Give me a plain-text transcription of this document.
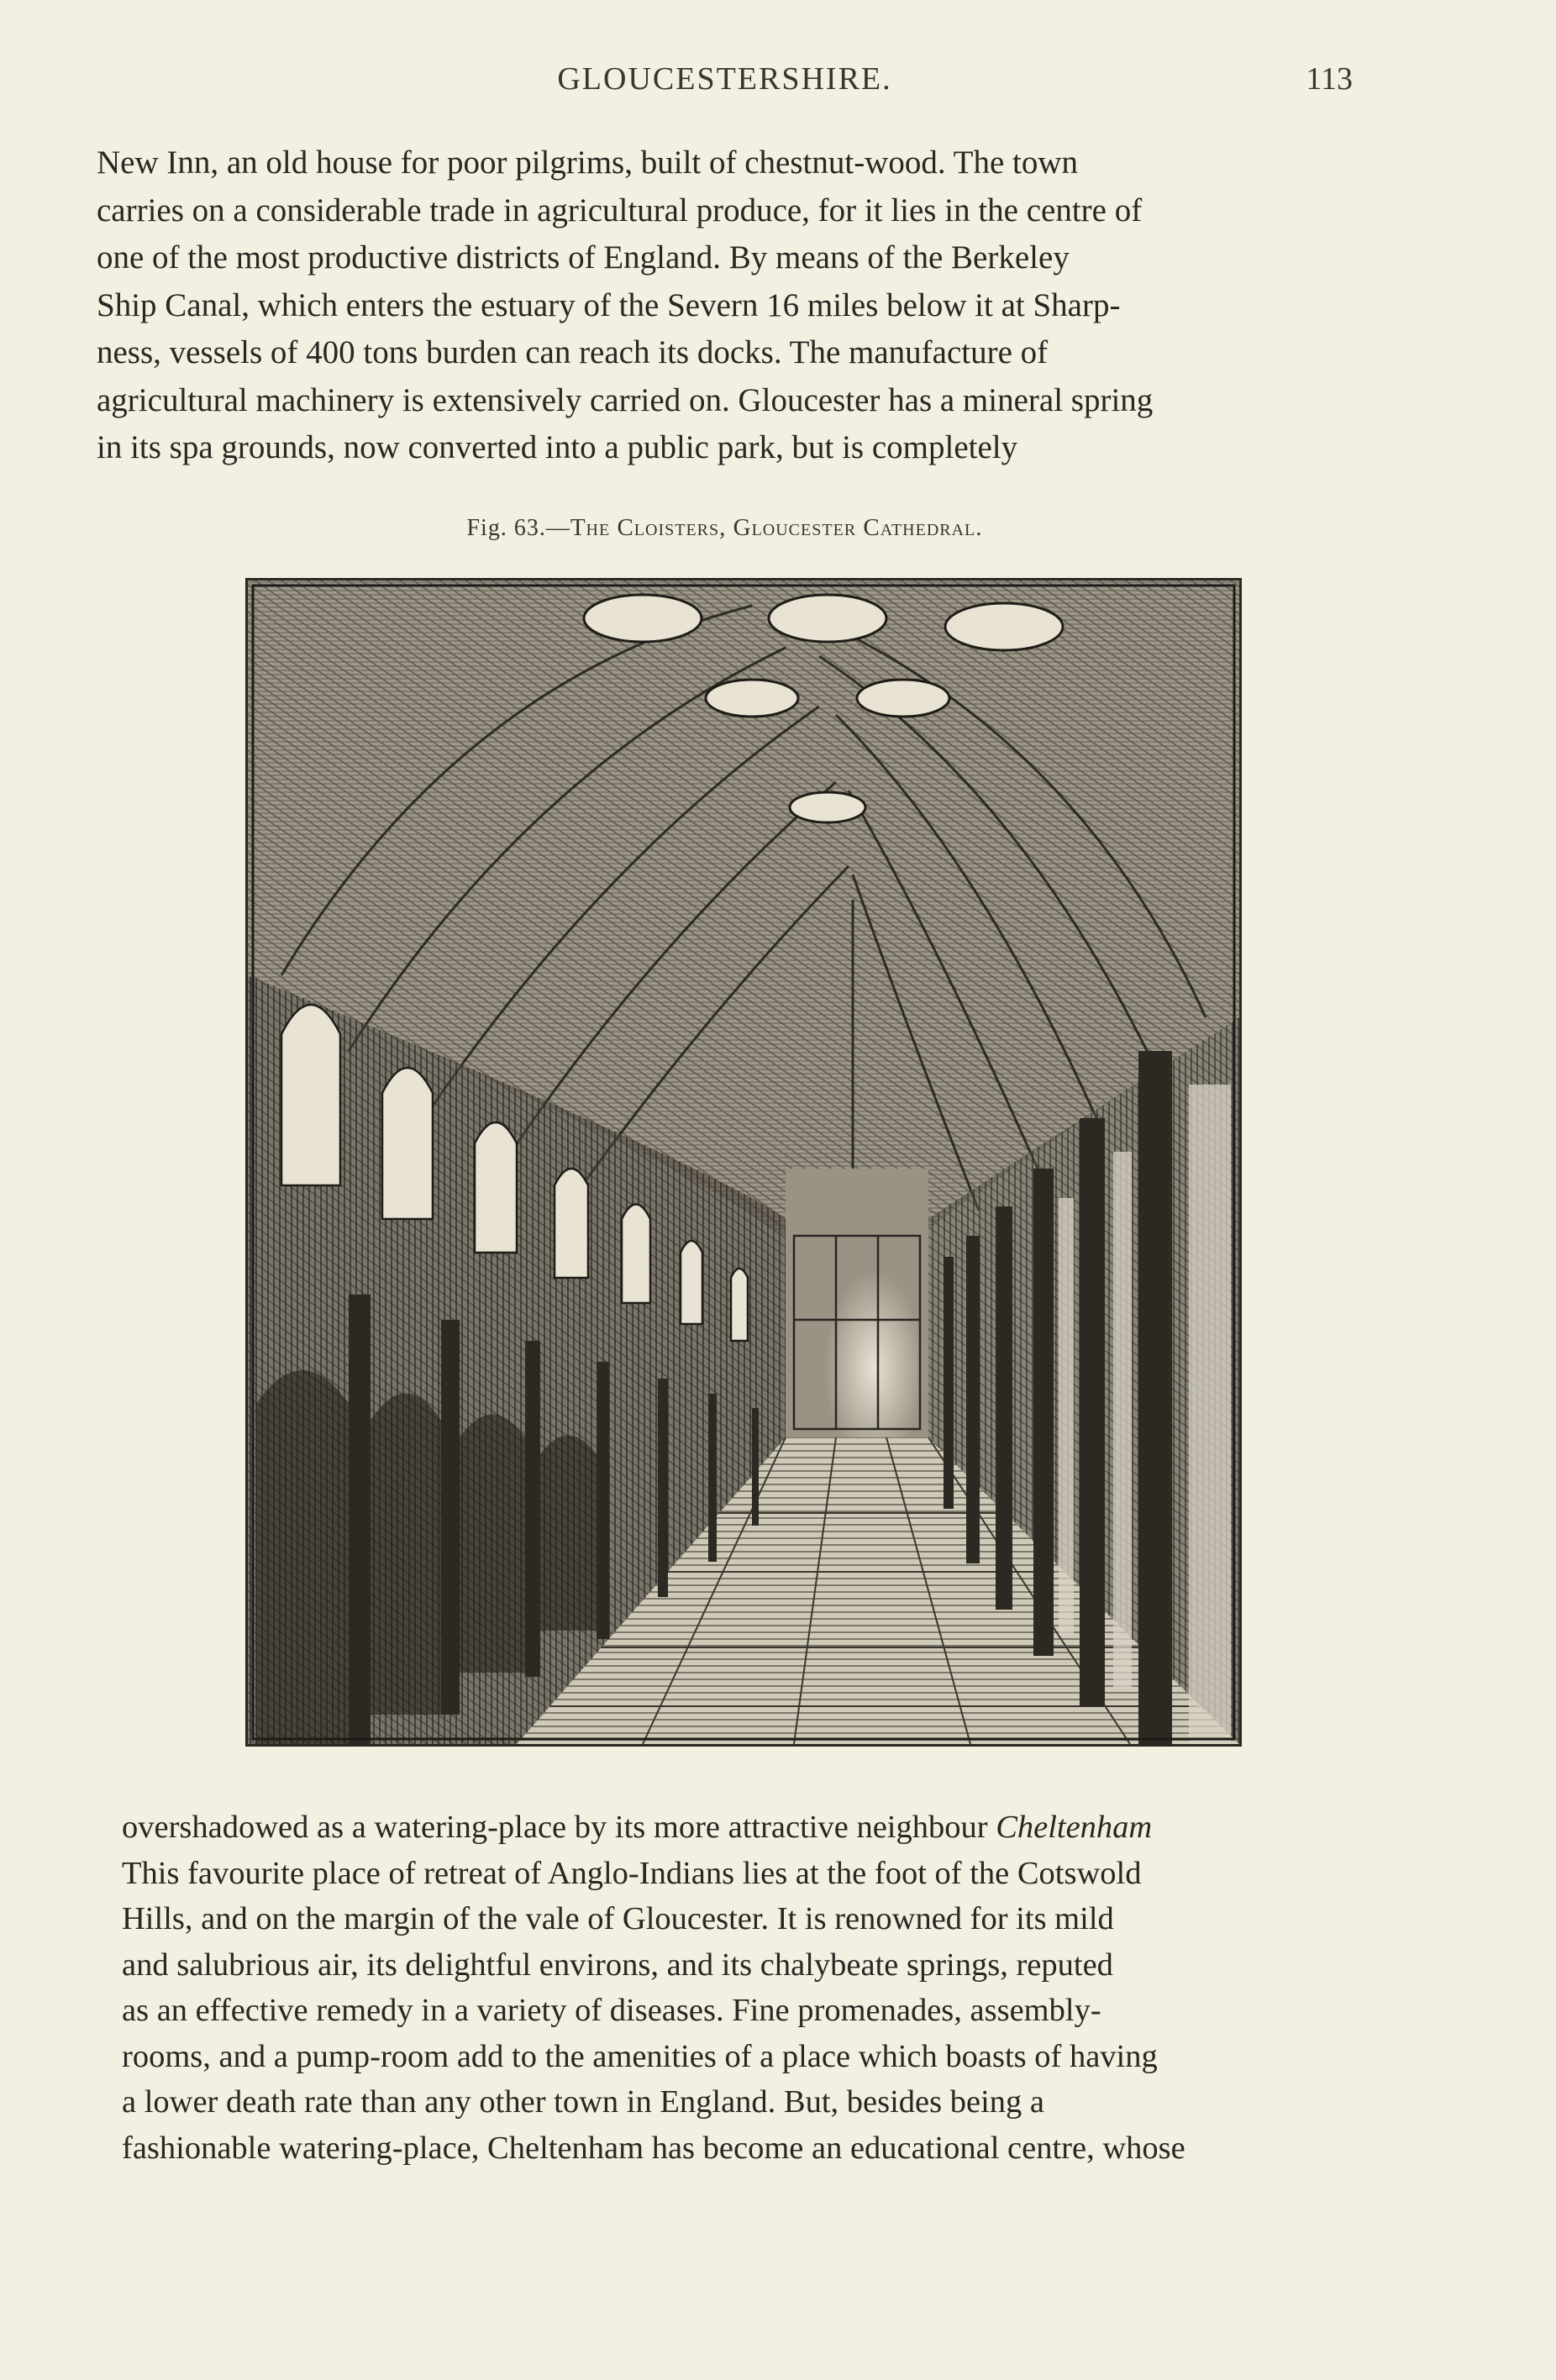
GLOUCESTERSHIRE.	113
New Inn, an old house for poor pilgrims, built of chestnut-wood. The town
carries on a considerable trade in agricultural produce, for it lies in the centre of
one of the most productive districts of England. By means of the Berkeley
Ship Canal, which enters the estuary of the Severn 16 miles below it at Sharp-
ness, vessels of 400 tons burden can reach its docks. The manufacture of
agricultural machinery is extensively carried on. Gloucester has a mineral spring
in its spa grounds, now converted into a public park, but is completely
Fig. 63.—The Cloisters, Gloucester Cathedral.
overshadowed as a watering-place by its more attractive neighbour Cheltenham
This favourite place of retreat of Anglo-Indians lies at the foot of the Cotswold
Hills, and on the margin of the vale of Gloucester. It is renowned for its mild
and salubrious air, its delightful environs, and its chalybeate springs, reputed
as an effective remedy in a variety of diseases. Fine promenades, assembly-
rooms, and a pump-room add to the amenities of a place which boasts of having
a lower death rate than any other town in England. But, besides being a
fashionable watering-place, Cheltenham has become an educational centre, whose
